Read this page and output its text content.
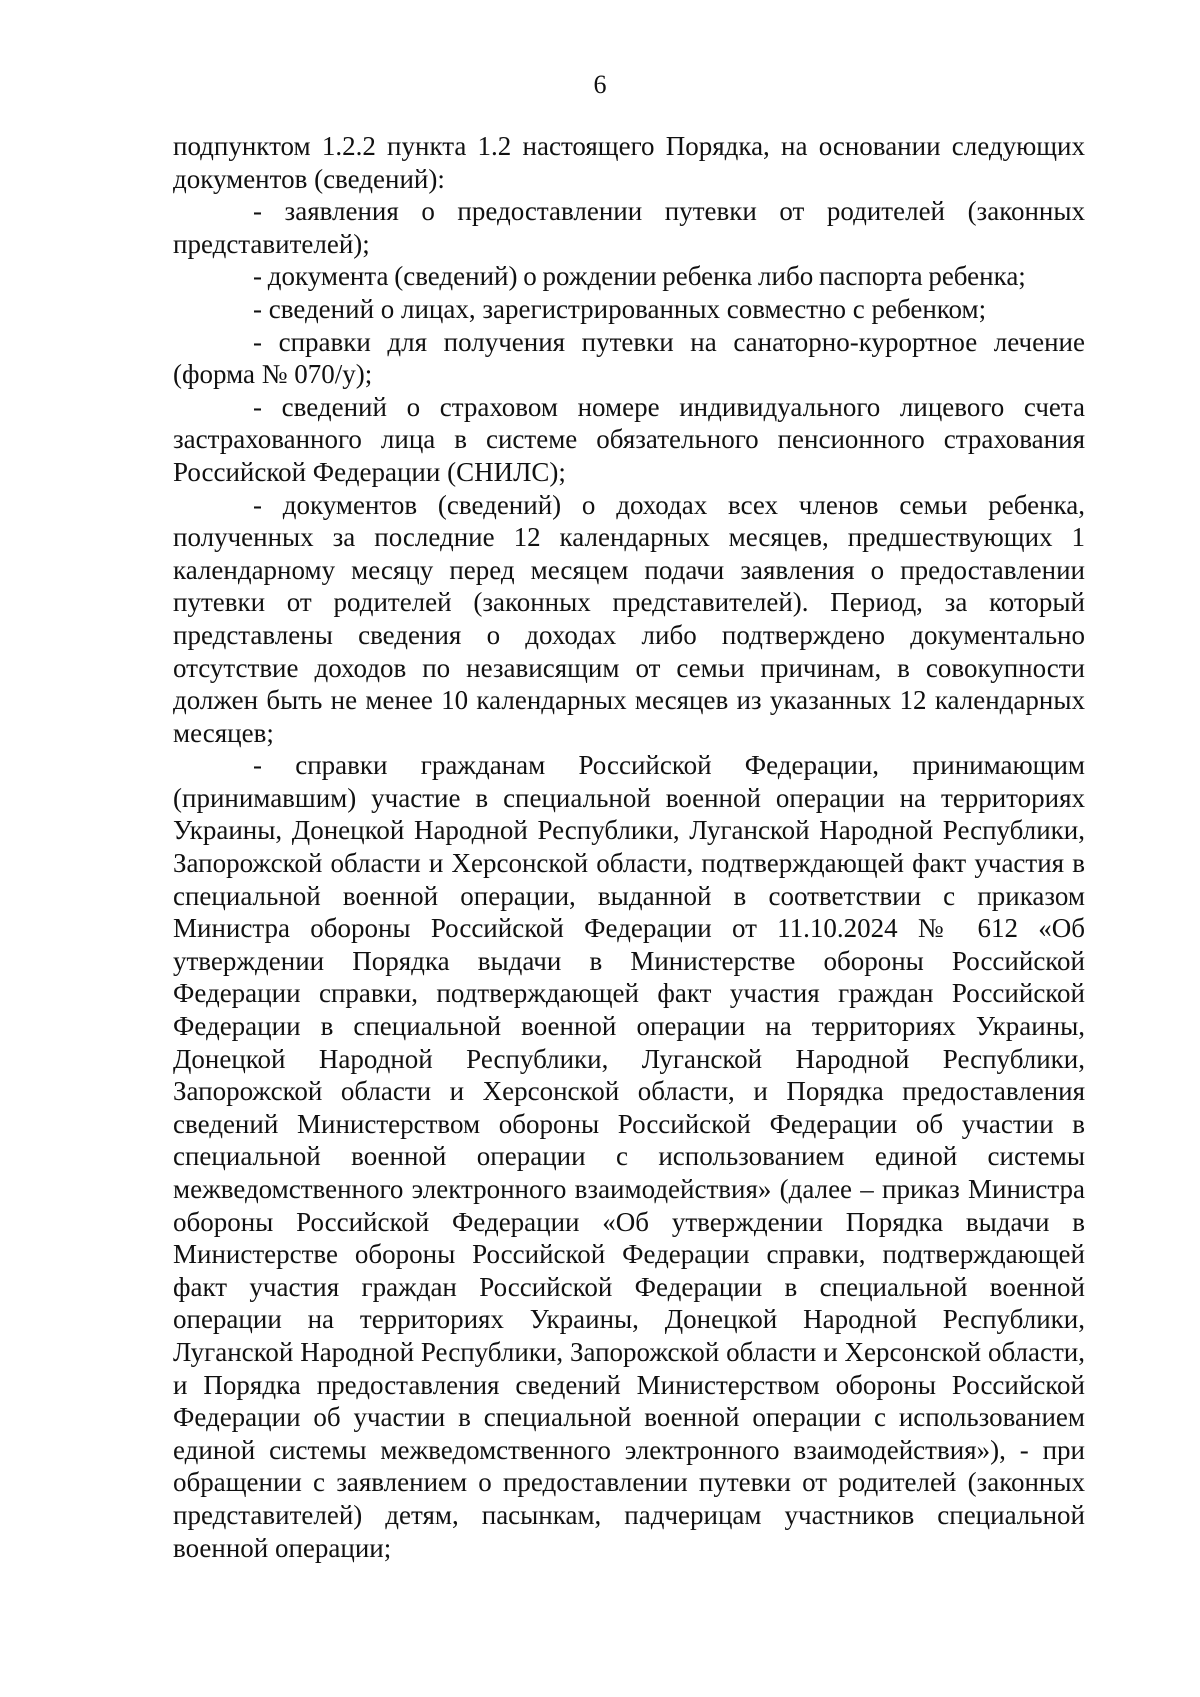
6

подпунктом 1.2.2 пункта 1.2 настоящего Порядка, на основании следующих документов (сведений):

- заявления о предоставлении путевки от родителей (законных представителей);

- документа (сведений) о рождении ребенка либо паспорта ребенка;

- сведений о лицах, зарегистрированных совместно с ребенком;

- справки для получения путевки на санаторно-курортное лечение (форма № 070/у);

- сведений о страховом номере индивидуального лицевого счета застрахованного лица в системе обязательного пенсионного страхования Российской Федерации (СНИЛС);

- документов (сведений) о доходах всех членов семьи ребенка, полученных за последние 12 календарных месяцев, предшествующих 1 календарному месяцу перед месяцем подачи заявления о предоставлении путевки от родителей (законных представителей). Период, за который представлены сведения о доходах либо подтверждено документально отсутствие доходов по независящим от семьи причинам, в совокупности должен быть не менее 10 календарных месяцев из указанных 12 календарных месяцев;

- справки гражданам Российской Федерации, принимающим (принимавшим) участие в специальной военной операции на территориях Украины, Донецкой Народной Республики, Луганской Народной Республики, Запорожской области и Херсонской области, подтверждающей факт участия в специальной военной операции, выданной в соответствии с приказом Министра обороны Российской Федерации от 11.10.2024 № 612 «Об утверждении Порядка выдачи в Министерстве обороны Российской Федерации справки, подтверждающей факт участия граждан Российской Федерации в специальной военной операции на территориях Украины, Донецкой Народной Республики, Луганской Народной Республики, Запорожской области и Херсонской области, и Порядка предоставления сведений Министерством обороны Российской Федерации об участии в специальной военной операции с использованием единой системы межведомственного электронного взаимодействия» (далее – приказ Министра обороны Российской Федерации «Об утверждении Порядка выдачи в Министерстве обороны Российской Федерации справки, подтверждающей факт участия граждан Российской Федерации в специальной военной операции на территориях Украины, Донецкой Народной Республики, Луганской Народной Республики, Запорожской области и Херсонской области, и Порядка предоставления сведений Министерством обороны Российской Федерации об участии в специальной военной операции с использованием единой системы межведомственного электронного взаимодействия»), - при обращении с заявлением о предоставлении путевки от родителей (законных представителей) детям, пасынкам, падчерицам участников специальной военной операции;
